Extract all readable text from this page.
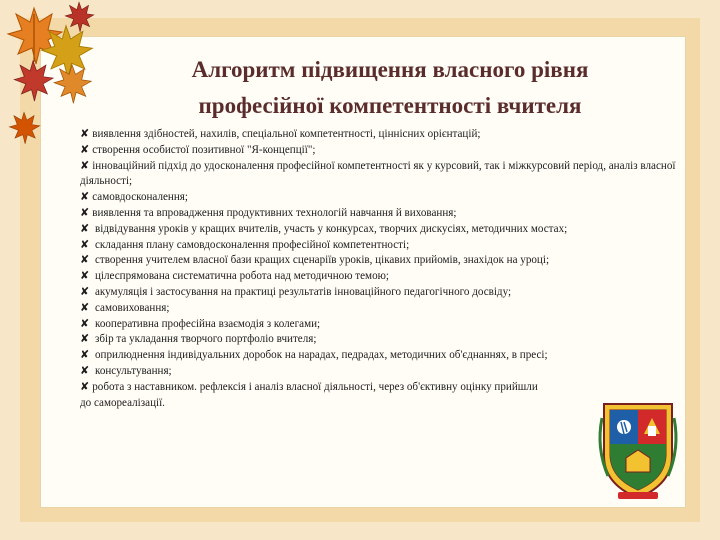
Алгоритм підвищення власного рівня
професійної компетентності вчителя

✘ виявлення здібностей, нахилів, спеціальної компетентності, ціннісних орієнтацій;

✘ створення особистої позитивної "Я-концепції";

✘ інноваційний підхід до удосконалення професійної компетентності як у курсовий, так і міжкурсовий період, аналіз власної діяльності;

✘ самовдосконалення;

✘ виявлення та впровадження продуктивних технологій навчання й виховання;

✘ відвідування уроків у кращих вчителів, участь у конкурсах, творчих дискусіях, методичних мостах;

✘ складання плану самовдосконалення професійної компетентності;

✘ створення учителем власної бази кращих сценаріїв уроків, цікавих прийомів, знахідок на уроці;

✘ цілеспрямована систематична робота над методичною темою;

✘ акумуляція і застосування на практиці результатів інноваційного педагогічного досвіду;

✘ самовиховання;

✘ кооперативна професійна взаємодія з колегами;

✘ збір та укладання творчого портфоліо вчителя;

✘ оприлюднення індивідуальних доробок на нарадах, педрадах, методичних об'єднаннях, в пресі;

✘ консультування;

✘ робота з наставником. рефлексія і аналіз власної діяльності, через об'єктивну оцінку прийшли до самореалізації.
